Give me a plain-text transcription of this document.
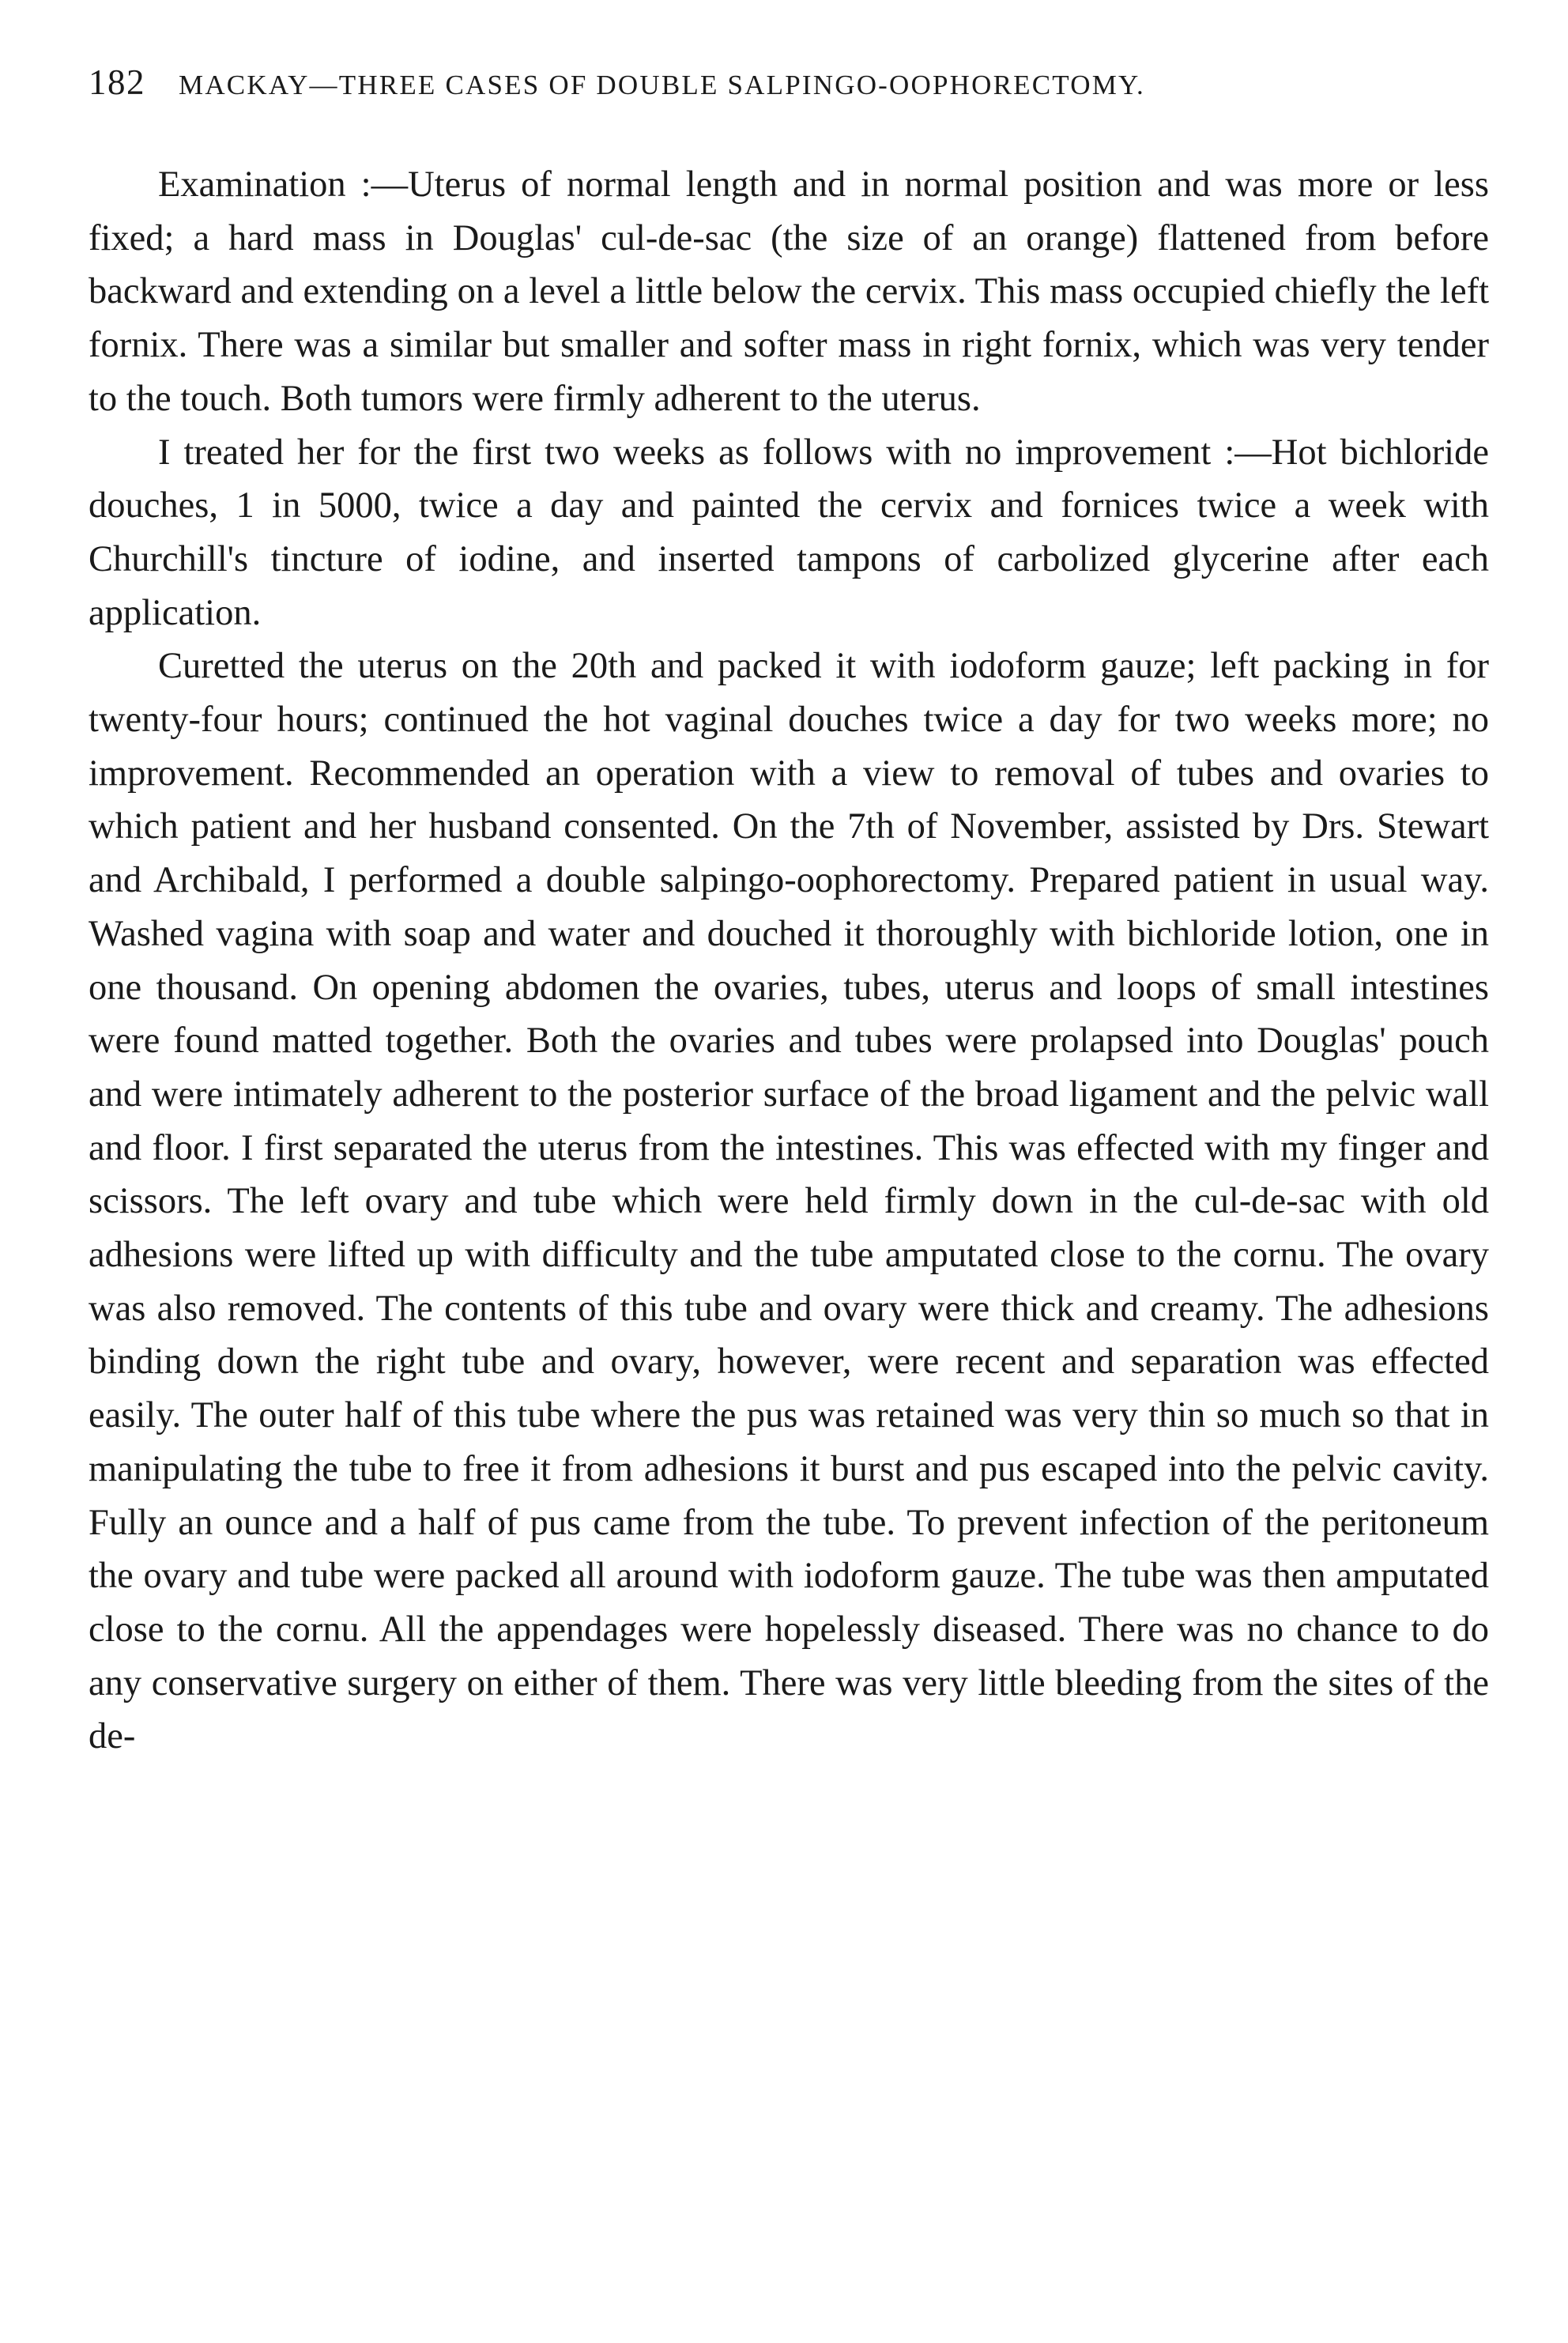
182 MACKAY—THREE CASES OF DOUBLE SALPINGO-OOPHORECTOMY.

Examination :—Uterus of normal length and in normal position and was more or less fixed; a hard mass in Douglas' cul-de-sac (the size of an orange) flattened from before backward and extending on a level a little below the cervix. This mass occupied chiefly the left fornix. There was a similar but smaller and softer mass in right fornix, which was very tender to the touch. Both tumors were firmly adherent to the uterus.

I treated her for the first two weeks as follows with no improvement :—Hot bichloride douches, 1 in 5000, twice a day and painted the cervix and fornices twice a week with Churchill's tincture of iodine, and inserted tampons of carbolized glycerine after each application.

Curetted the uterus on the 20th and packed it with iodoform gauze; left packing in for twenty-four hours; continued the hot vaginal douches twice a day for two weeks more; no improvement. Recommended an operation with a view to removal of tubes and ovaries to which patient and her husband consented. On the 7th of November, assisted by Drs. Stewart and Archibald, I performed a double salpingo-oophorectomy. Prepared patient in usual way. Washed vagina with soap and water and douched it thoroughly with bichloride lotion, one in one thousand. On opening abdomen the ovaries, tubes, uterus and loops of small intestines were found matted together. Both the ovaries and tubes were prolapsed into Douglas' pouch and were intimately adherent to the posterior surface of the broad ligament and the pelvic wall and floor. I first separated the uterus from the intestines. This was effected with my finger and scissors. The left ovary and tube which were held firmly down in the cul-de-sac with old adhesions were lifted up with difficulty and the tube amputated close to the cornu. The ovary was also removed. The contents of this tube and ovary were thick and creamy. The adhesions binding down the right tube and ovary, however, were recent and separation was effected easily. The outer half of this tube where the pus was retained was very thin so much so that in manipulating the tube to free it from adhesions it burst and pus escaped into the pelvic cavity. Fully an ounce and a half of pus came from the tube. To prevent infection of the peritoneum the ovary and tube were packed all around with iodoform gauze. The tube was then amputated close to the cornu. All the appendages were hopelessly diseased. There was no chance to do any conservative surgery on either of them. There was very little bleeding from the sites of the de-
